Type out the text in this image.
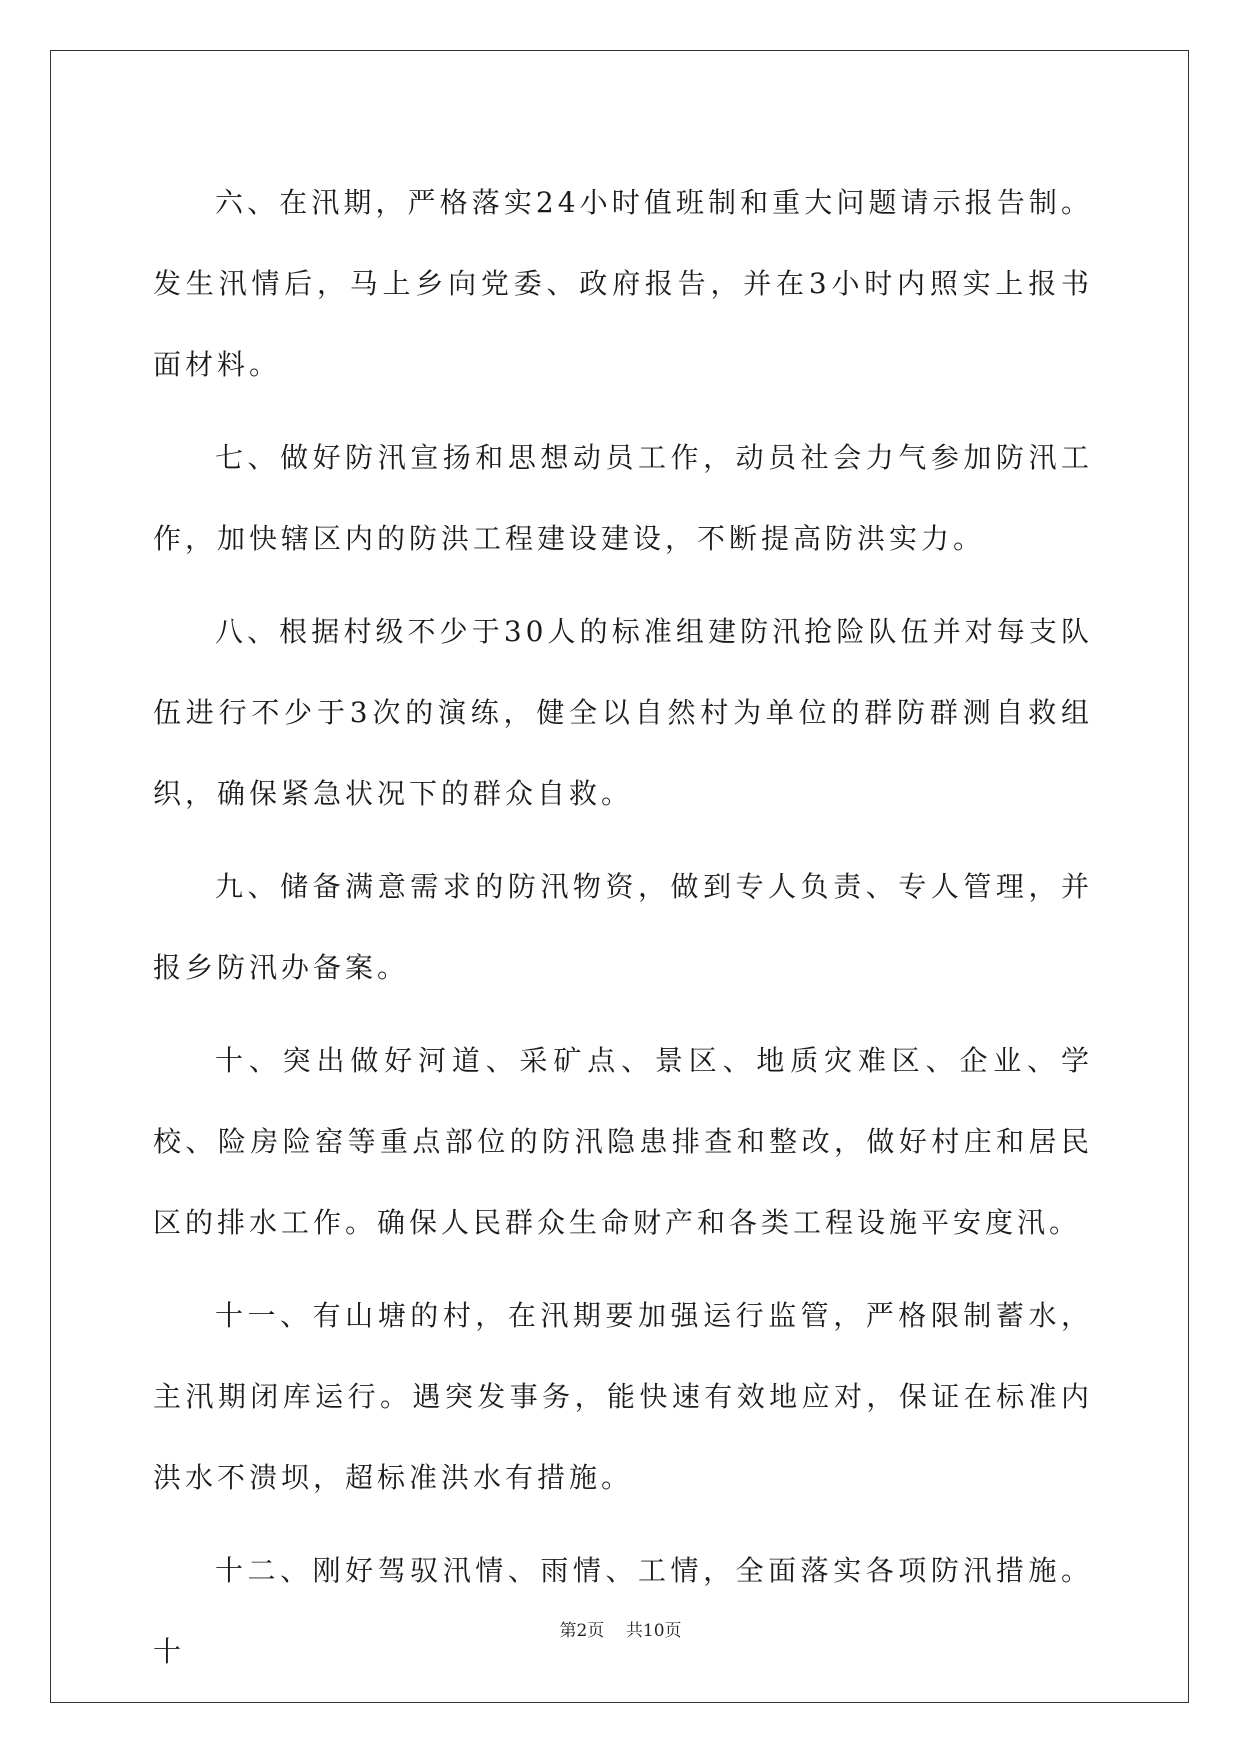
六、在汛期，严格落实24小时值班制和重大问题请示报告制。发生汛情后，马上乡向党委、政府报告，并在3小时内照实上报书面材料。

七、做好防汛宣扬和思想动员工作，动员社会力气参加防汛工作，加快辖区内的防洪工程建设建设，不断提高防洪实力。

八、根据村级不少于30人的标准组建防汛抢险队伍并对每支队伍进行不少于3次的演练，健全以自然村为单位的群防群测自救组织，确保紧急状况下的群众自救。

九、储备满意需求的防汛物资，做到专人负责、专人管理，并报乡防汛办备案。

十、突出做好河道、采矿点、景区、地质灾难区、企业、学校、险房险窑等重点部位的防汛隐患排查和整改，做好村庄和居民区的排水工作。确保人民群众生命财产和各类工程设施平安度汛。

十一、有山塘的村，在汛期要加强运行监管，严格限制蓄水，主汛期闭库运行。遇突发事务，能快速有效地应对，保证在标准内洪水不溃坝，超标准洪水有措施。

十二、刚好驾驭汛情、雨情、工情，全面落实各项防汛措施。 十

第2页 共10页
